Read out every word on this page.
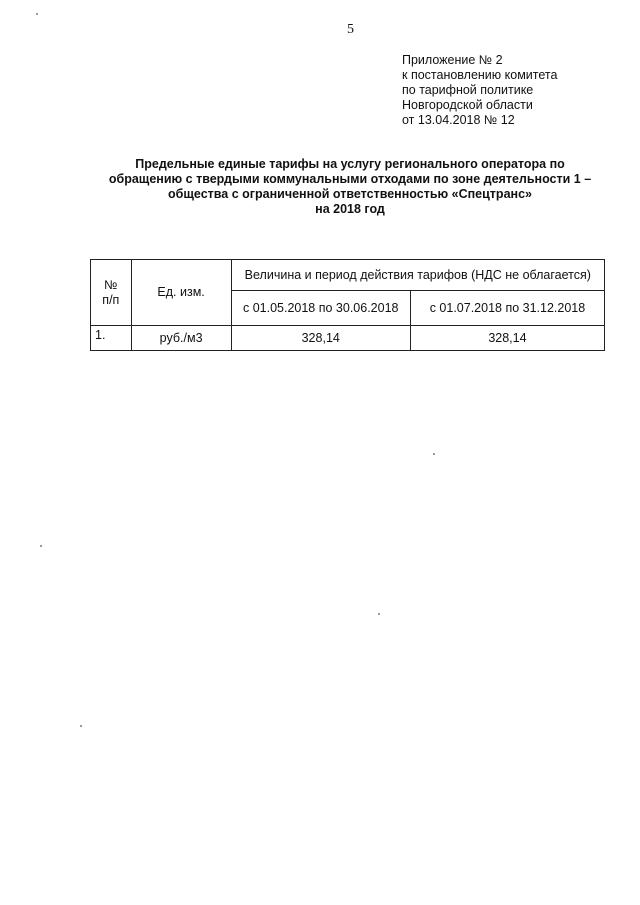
5
Приложение № 2
к постановлению комитета
по тарифной политике
Новгородской области
от 13.04.2018 № 12
Предельные единые тарифы на услугу регионального оператора по
обращению с твердыми коммунальными отходами по зоне деятельности 1 –
общества с ограниченной ответственностью «Спецтранс»
на 2018 год
№
п/п	Ед. изм.	Величина и период действия тарифов (НДС не облагается)	
		с 01.05.2018 по 30.06.2018	с 01.07.2018 по 31.12.2018
1.	руб./м3	328,14	328,14
